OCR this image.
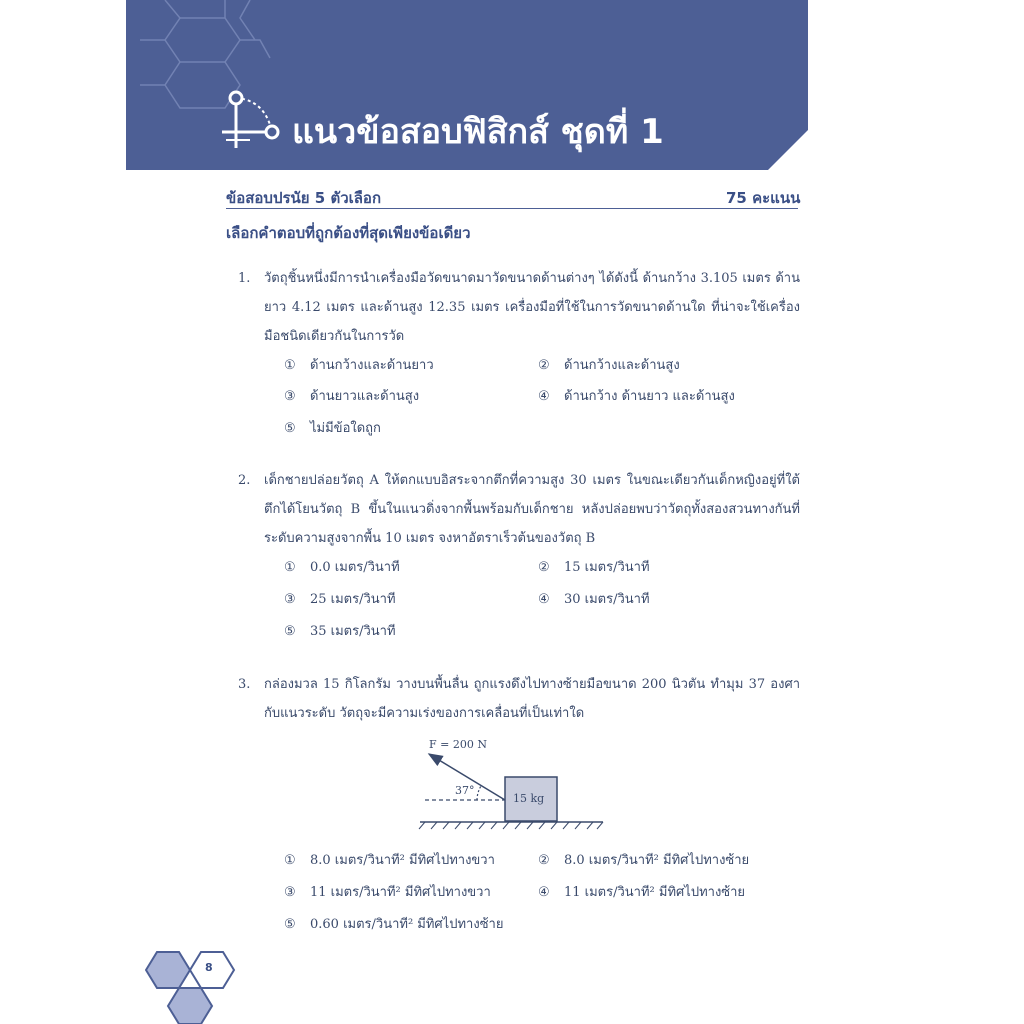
แนวข้อสอบฟิสิกส์ ชุดที่ 1
ข้อสอบปรนัย 5 ตัวเลือก	75 คะแนน
เลือกคำตอบที่ถูกต้องที่สุดเพียงข้อเดียว
1. วัตถุชิ้นหนึ่งมีการนำเครื่องมือวัดขนาดมาวัดขนาดด้านต่างๆ ได้ดังนี้ ด้านกว้าง 3.105 เมตร ด้านยาว 4.12 เมตร และด้านสูง 12.35 เมตร เครื่องมือที่ใช้ในการวัดขนาดด้านใด ที่น่าจะใช้เครื่องมือชนิดเดียวกันในการวัด
① ด้านกว้างและด้านยาว	② ด้านกว้างและด้านสูง
③ ด้านยาวและด้านสูง	④ ด้านกว้าง ด้านยาว และด้านสูง
⑤ ไม่มีข้อใดถูก
2. เด็กชายปล่อยวัตถุ A ให้ตกแบบอิสระจากตึกที่ความสูง 30 เมตร ในขณะเดียวกันเด็กหญิงอยู่ที่ใต้ตึกได้โยนวัตถุ B ขึ้นในแนวดิ่งจากพื้นพร้อมกับเด็กชาย หลังปล่อยพบว่าวัตถุทั้งสองสวนทางกันที่ระดับความสูงจากพื้น 10 เมตร จงหาอัตราเร็วต้นของวัตถุ B
① 0.0 เมตร/วินาที	② 15 เมตร/วินาที
③ 25 เมตร/วินาที	④ 30 เมตร/วินาที
⑤ 35 เมตร/วินาที
3. กล่องมวล 15 กิโลกรัม วางบนพื้นลื่น ถูกแรงดึงไปทางซ้ายมือขนาด 200 นิวตัน ทำมุม 37 องศากับแนวระดับ วัตถุจะมีความเร่งของการเคลื่อนที่เป็นเท่าใด
F = 200 N
37°
15 kg
① 8.0 เมตร/วินาที² มีทิศไปทางขวา	② 8.0 เมตร/วินาที² มีทิศไปทางซ้าย
③ 11 เมตร/วินาที² มีทิศไปทางขวา	④ 11 เมตร/วินาที² มีทิศไปทางซ้าย
⑤ 0.60 เมตร/วินาที² มีทิศไปทางซ้าย
8
